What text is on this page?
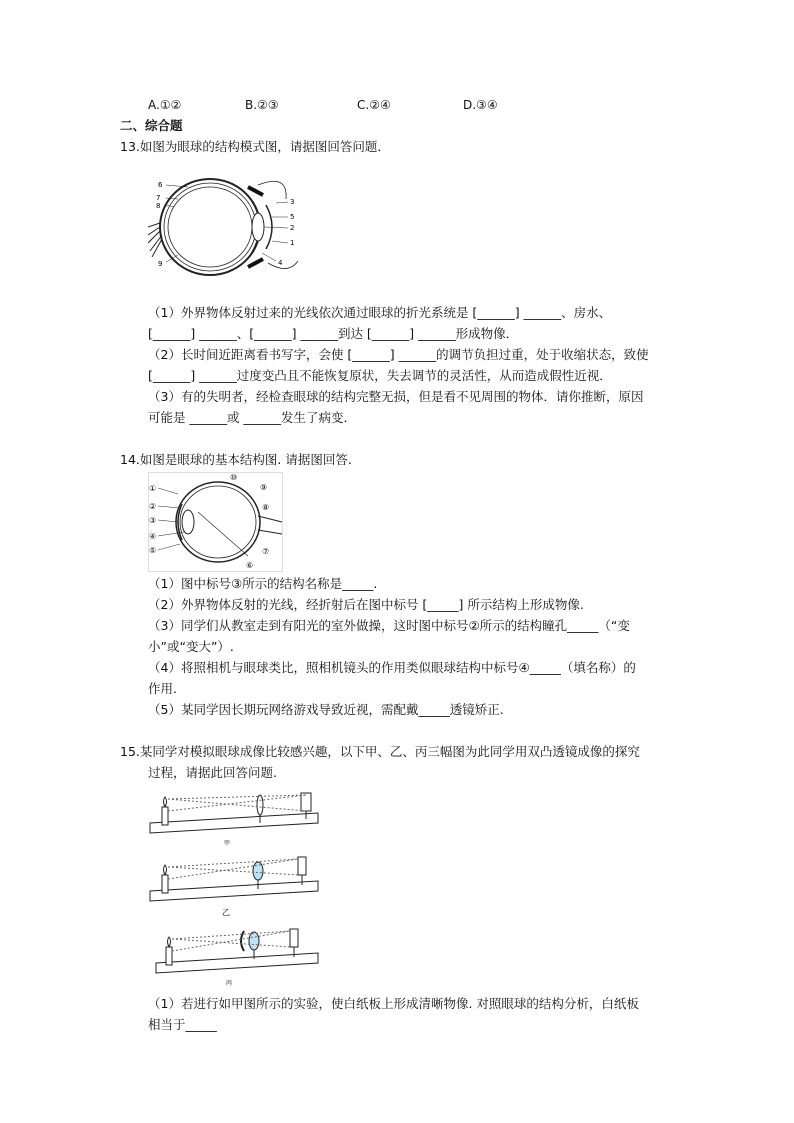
A.①②	B.②③	C.②④	D.③④
二、综合题
13.如图为眼球的结构模式图，请据图回答问题．
6
7
8
9
3
5
2
1
4
（1）外界物体反射过来的光线依次通过眼球的折光系统是 [______] ______、房水、
[______] ______、[______] ______到达 [______] ______形成物像．
（2）长时间近距离看书写字，会使 [______] ______的调节负担过重，处于收缩状态，致使
[______] ______过度变凸且不能恢复原状，失去调节的灵活性，从而造成假性近视．
（3）有的失明者，经检查眼球的结构完整无损，但是看不见周围的物体．请你推断，原因
可能是 ______或 ______发生了病变．
14.如图是眼球的基本结构图. 请据图回答.
①
②
③
④
⑤
⑩
⑨
⑧
⑦
⑥
（1）图中标号③所示的结构名称是_____.
（2）外界物体反射的光线，经折射后在图中标号 [_____] 所示结构上形成物像.
（3）同学们从教室走到有阳光的室外做操，这时图中标号②所示的结构瞳孔_____（“变
小”或“变大”）.
（4）将照相机与眼球类比，照相机镜头的作用类似眼球结构中标号④_____（填名称）的
作用.
（5）某同学因长期玩网络游戏导致近视，需配戴_____透镜矫正.
15.某同学对模拟眼球成像比较感兴趣，以下甲、乙、丙三幅图为此同学用双凸透镜成像的探究
过程，请据此回答问题.
甲
乙
丙
（1）若进行如甲图所示的实验，使白纸板上形成清晰物像. 对照眼球的结构分析，白纸板
相当于_____
